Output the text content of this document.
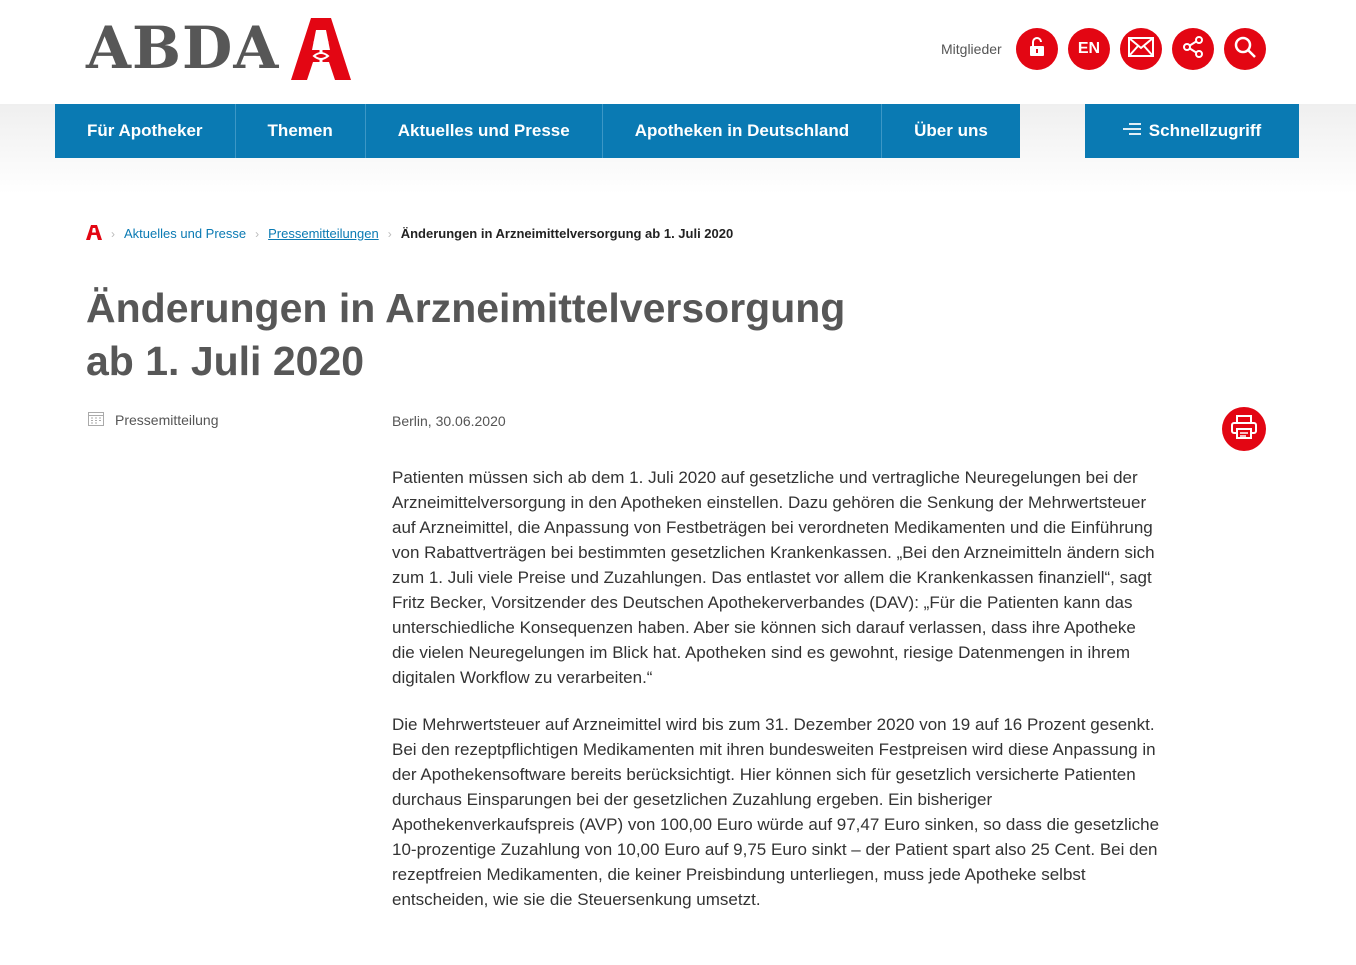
ABDA	Mitglieder	EN
Für Apotheker	Themen	Aktuelles und Presse	Apotheken in Deutschland	Über uns	Schnellzugriff
› Aktuelles und Presse › Pressemitteilungen › Änderungen in Arzneimittelversorgung ab 1. Juli 2020
Änderungen in Arzneimittelversorgung
ab 1. Juli 2020
Pressemitteilung	Berlin, 30.06.2020

Patienten müssen sich ab dem 1. Juli 2020 auf gesetzliche und vertragliche Neuregelungen bei der Arzneimittelversorgung in den Apotheken einstellen. Dazu gehören die Senkung der Mehrwertsteuer auf Arzneimittel, die Anpassung von Festbeträgen bei verordneten Medikamenten und die Einführung von Rabattverträgen bei bestimmten gesetzlichen Krankenkassen. „Bei den Arzneimitteln ändern sich zum 1. Juli viele Preise und Zuzahlungen. Das entlastet vor allem die Krankenkassen finanziell“, sagt Fritz Becker, Vorsitzender des Deutschen Apothekerverbandes (DAV): „Für die Patienten kann das unterschiedliche Konsequenzen haben. Aber sie können sich darauf verlassen, dass ihre Apotheke die vielen Neuregelungen im Blick hat. Apotheken sind es gewohnt, riesige Datenmengen in ihrem digitalen Workflow zu verarbeiten.“

Die Mehrwertsteuer auf Arzneimittel wird bis zum 31. Dezember 2020 von 19 auf 16 Prozent gesenkt. Bei den rezeptpflichtigen Medikamenten mit ihren bundesweiten Festpreisen wird diese Anpassung in der Apothekensoftware bereits berücksichtigt. Hier können sich für gesetzlich versicherte Patienten durchaus Einsparungen bei der gesetzlichen Zuzahlung ergeben. Ein bisheriger Apothekenverkaufspreis (AVP) von 100,00 Euro würde auf 97,47 Euro sinken, so dass die gesetzliche 10-prozentige Zuzahlung von 10,00 Euro auf 9,75 Euro sinkt – der Patient spart also 25 Cent. Bei den rezeptfreien Medikamenten, die keiner Preisbindung unterliegen, muss jede Apotheke selbst entscheiden, wie sie die Steuersenkung umsetzt.
